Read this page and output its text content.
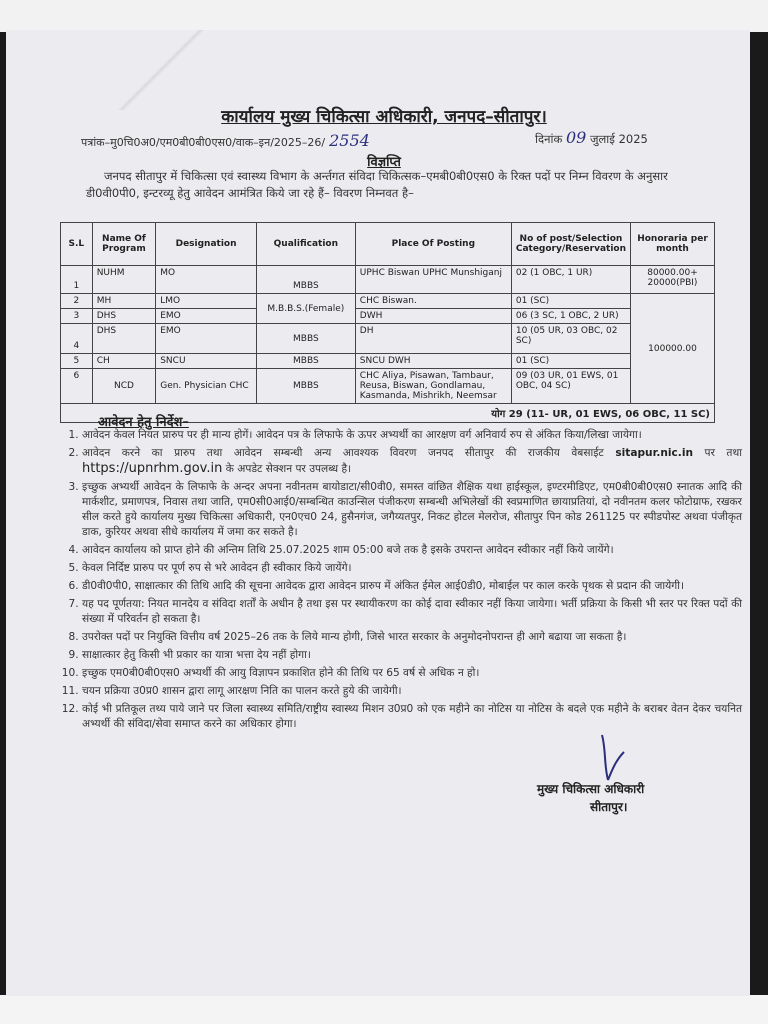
कार्यालय मुख्य चिकित्सा अधिकारी, जनपद–सीतापुर।
पत्रांक–मु0चि0अ0/एम0बी0बी0एस0/वाक–इन/2025–26/ 2554	दिनांक 09 जुलाई 2025
विज्ञप्ति
जनपद सीतापुर में चिकित्सा एवं स्वास्थ्य विभाग के अर्न्तगत संविदा चिकित्सक–एमबी0बी0एस0 के रिक्त पदों पर निम्न विवरण के अनुसार डी0वी0पी0, इन्टरव्यू हेतु आवेदन आमंत्रित किये जा रहे हैं– विवरण निम्नवत है–
S.L	Name Of Program	Designation	Qualification	Place Of Posting	No of post/Selection Category/Reservation	Honoraria per month
1	NUHM	MO	MBBS	UPHC Biswan UPHC Munshiganj	02 (1 OBC, 1 UR)	80000.00+ 20000(PBI)
2	MH	LMO	M.B.B.S.(Female)	CHC Biswan.	01 (SC)	100000.00
3	DHS	EMO		DWH	06 (3 SC, 1 OBC, 2 UR)	
4	DHS	EMO	MBBS	DH	10 (05 UR, 03 OBC, 02 SC)	
5	CH	SNCU	MBBS	SNCU DWH	01 (SC)	
6	NCD	Gen. Physician CHC	MBBS	CHC Aliya, Pisawan, Tambaur, Reusa, Biswan, Gondlamau, Kasmanda, Mishrikh, Neemsar	09 (03 UR, 01 EWS, 01 OBC, 04 SC)	
योग 29 (11- UR, 01 EWS, 06 OBC, 11 SC)						
आवेदन हेतु निर्देश–
1. आवेदन केवल नियत प्रारुप पर ही मान्य होगें। आवेदन पत्र के लिफाफे के ऊपर अभ्यर्थी का आरक्षण वर्ग अनिवार्य रुप से अंकित किया/लिखा जायेगा।
2. आवेदन करने का प्रारुप तथा आवेदन सम्बन्धी अन्य आवश्यक विवरण जनपद सीतापुर की राजकीय वेबसाईट sitapur.nic.in पर तथा https://upnrhm.gov.in के अपडेट सेक्शन पर उपलब्ध है।
3. इच्छुक अभ्यर्थी आवेदन के लिफाफे के अन्दर अपना नवीनतम बायोडाटा/सी0वी0, समस्त वांछित शैक्षिक यथा हाईस्कूल, इण्टरमीडिएट, एम0बी0बी0एस0 स्नातक आदि की मार्कशीट, प्रमाणपत्र, निवास तथा जाति, एम0सी0आई0/सम्बन्धित काउन्सिल पंजीकरण सम्बन्धी अभिलेखों की स्वप्रमाणित छायाप्रतियां, दो नवीनतम कलर फोटोग्राफ, रखकर सील करते हुये कार्यालय मुख्य चिकित्सा अधिकारी, एन0एच0 24, हुसैनगंज, जगैय्यतपुर, निकट होटल मेलरोज, सीतापुर पिन कोड 261125 पर स्पीडपोस्ट अथवा पंजीकृत डाक, कुरियर अथवा सीधे कार्यालय में जमा कर सकते है।
4. आवेदन कार्यालय को प्राप्त होने की अन्तिम तिथि 25.07.2025 शाम 05:00 बजे तक है इसके उपरान्त आवेदन स्वीकार नहीं किये जायेंगे।
5. केवल निर्दिष्ट प्रारुप पर पूर्ण रुप से भरे आवेदन ही स्वीकार किये जायेंगे।
6. डी0वी0पी0, साक्षात्कार की तिथि आदि की सूचना आवेदक द्वारा आवेदन प्रारुप में अंकित ईमेल आई0डी0, मोबाईल पर काल करके पृथक से प्रदान की जायेगी।
7. यह पद पूर्णतया: नियत मानदेय व संविदा शर्तों के अधीन है तथा इस पर स्थायीकरण का कोई दावा स्वीकार नहीं किया जायेगा। भर्ती प्रक्रिया के किसी भी स्तर पर रिक्त पदों की संख्या में परिवर्तन हो सकता है।
8. उपरोक्त पदों पर नियुक्ति वित्तीय वर्ष 2025–26 तक के लिये मान्य होगी, जिसे भारत सरकार के अनुमोदनोपरान्त ही आगे बढाया जा सकता है।
9. साक्षात्कार हेतु किसी भी प्रकार का यात्रा भत्ता देय नहीं होगा।
10. इच्छुक एम0बी0बी0एस0 अभ्यर्थी की आयु विज्ञापन प्रकाशित होने की तिथि पर 65 वर्ष से अधिक न हो।
11. चयन प्रक्रिया उ0प्र0 शासन द्वारा लागू आरक्षण निति का पालन करते हुये की जायेगी।
12. कोई भी प्रतिकूल तथ्य पाये जाने पर जिला स्वास्थ्य समिति/राष्ट्रीय स्वास्थ्य मिशन उ0प्र0 को एक महीने का नोटिस या नोटिस के बदले एक महीने के बराबर वेतन देकर चयनित अभ्यर्थी की संविदा/सेवा समाप्त करने का अधिकार होगा।
मुख्य चिकित्सा अधिकारी
सीतापुर।
